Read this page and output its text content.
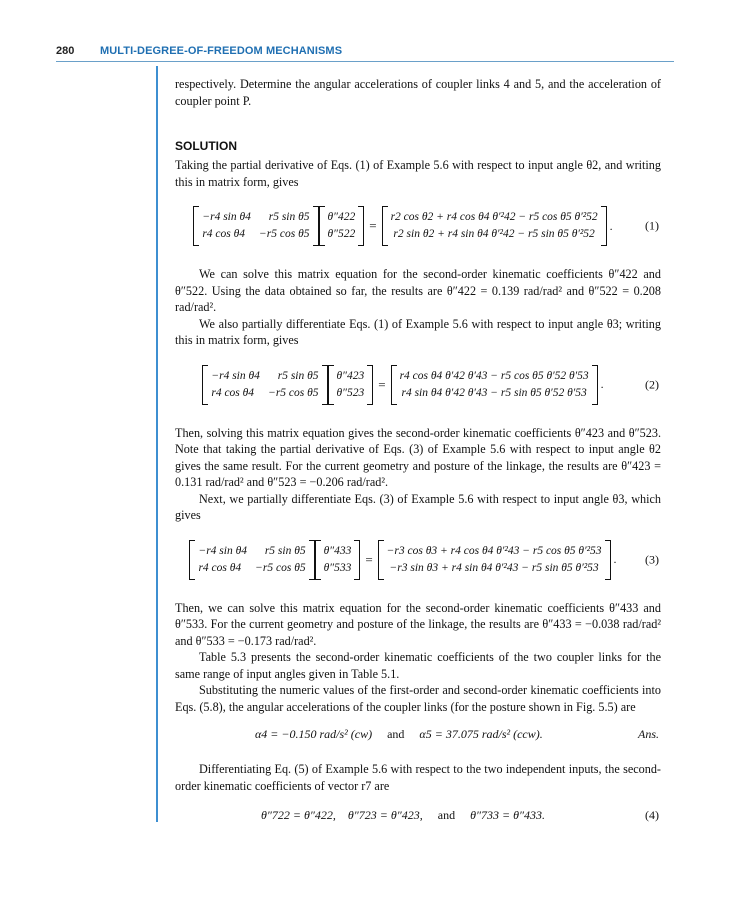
280 MULTI-DEGREE-OF-FREEDOM MECHANISMS

respectively. Determine the angular accelerations of coupler links 4 and 5, and the acceleration of coupler point P.

SOLUTION

Taking the partial derivative of Eqs. (1) of Example 5.6 with respect to input angle θ2, and writing this in matrix form, gives

−r4 sin θ4 r5 sin θ5
r4 cos θ4 −r5 cos θ5
θ″422
θ″522
=
r2 cos θ2 + r4 cos θ4 θ′²42 − r5 cos θ5 θ′²52
r2 sin θ2 + r4 sin θ4 θ′²42 − r5 sin θ5 θ′²52
.	(1)

We can solve this matrix equation for the second-order kinematic coefficients θ″422 and θ″522. Using the data obtained so far, the results are θ″422 = 0.139 rad/rad² and θ″522 = 0.208 rad/rad².

We also partially differentiate Eqs. (1) of Example 5.6 with respect to input angle θ3; writing this in matrix form, gives

−r4 sin θ4 r5 sin θ5
r4 cos θ4 −r5 cos θ5
θ″423
θ″523
=
r4 cos θ4 θ′42 θ′43 − r5 cos θ5 θ′52 θ′53
r4 sin θ4 θ′42 θ′43 − r5 sin θ5 θ′52 θ′53
.	(2)

Then, solving this matrix equation gives the second-order kinematic coefficients θ″423 and θ″523. Note that taking the partial derivative of Eqs. (3) of Example 5.6 with respect to input angle θ2 gives the same result. For the current geometry and posture of the linkage, the results are θ″423 = 0.131 rad/rad² and θ″523 = −0.206 rad/rad².

Next, we partially differentiate Eqs. (3) of Example 5.6 with respect to input angle θ3, which gives

−r4 sin θ4 r5 sin θ5
r4 cos θ4 −r5 cos θ5
θ″433
θ″533
=
−r3 cos θ3 + r4 cos θ4 θ′²43 − r5 cos θ5 θ′²53
−r3 sin θ3 + r4 sin θ4 θ′²43 − r5 sin θ5 θ′²53
. (3)

Then, we can solve this matrix equation for the second-order kinematic coefficients θ″433 and θ″533. For the current geometry and posture of the linkage, the results are θ″433 = −0.038 rad/rad² and θ″533 = −0.173 rad/rad².

Table 5.3 presents the second-order kinematic coefficients of the two coupler links for the same range of input angles given in Table 5.1.

Substituting the numeric values of the first-order and second-order kinematic coefficients into Eqs. (5.8), the angular accelerations of the coupler links (for the posture shown in Fig. 5.5) are

α4 = −0.150 rad/s² (cw) and α5 = 37.075 rad/s² (ccw).	Ans.

Differentiating Eq. (5) of Example 5.6 with respect to the two independent inputs, the second-order kinematic coefficients of vector r7 are

θ″722 = θ″422, θ″723 = θ″423, and θ″733 = θ″433.	(4)
